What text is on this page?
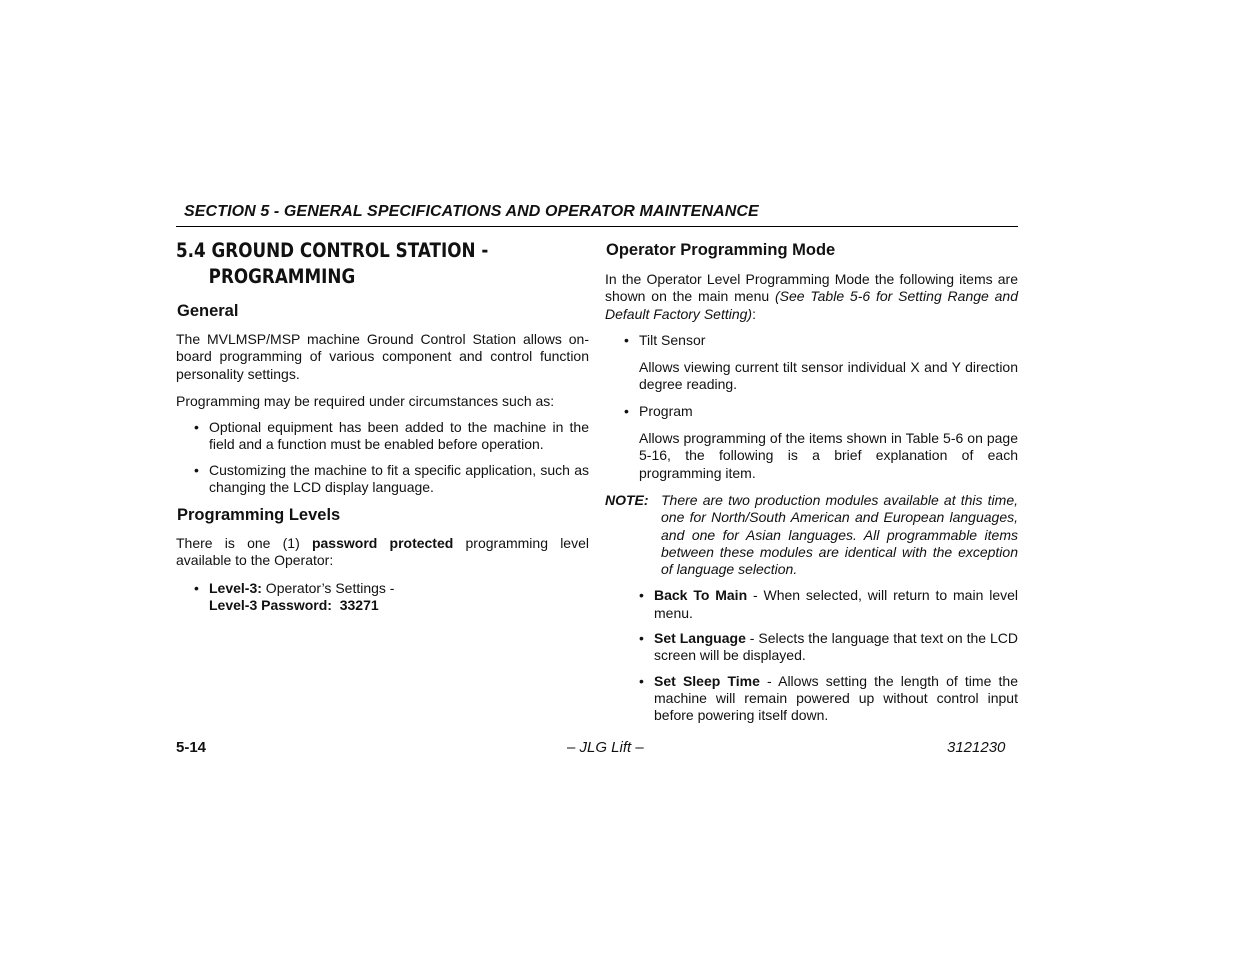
SECTION 5 - GENERAL SPECIFICATIONS AND OPERATOR MAINTENANCE
5.4 GROUND CONTROL STATION -
PROGRAMMING
General

The MVLMSP/MSP machine Ground Control Station allows on-board programming of various component and control function personality settings.

Programming may be required under circumstances such as:

• Optional equipment has been added to the machine in the field and a function must be enabled before operation.
• Customizing the machine to fit a specific application, such as changing the LCD display language.
Programming Levels

There is one (1) password protected programming level available to the Operator:

• Level-3: Operator’s Settings -
Level-3 Password: 33271
Operator Programming Mode

In the Operator Level Programming Mode the following items are shown on the main menu (See Table 5-6 for Setting Range and Default Factory Setting):

• Tilt Sensor

Allows viewing current tilt sensor individual X and Y direction degree reading.

• Program

Allows programming of the items shown in Table 5-6 on page 5-16, the following is a brief explanation of each programming item.

NOTE: There are two production modules available at this time, one for North/South American and European languages, and one for Asian languages. All programmable items between these modules are identical with the exception of language selection.

• Back To Main - When selected, will return to main level menu.
• Set Language - Selects the language that text on the LCD screen will be displayed.
• Set Sleep Time - Allows setting the length of time the machine will remain powered up without control input before powering itself down.
5-14	– JLG Lift –	3121230
